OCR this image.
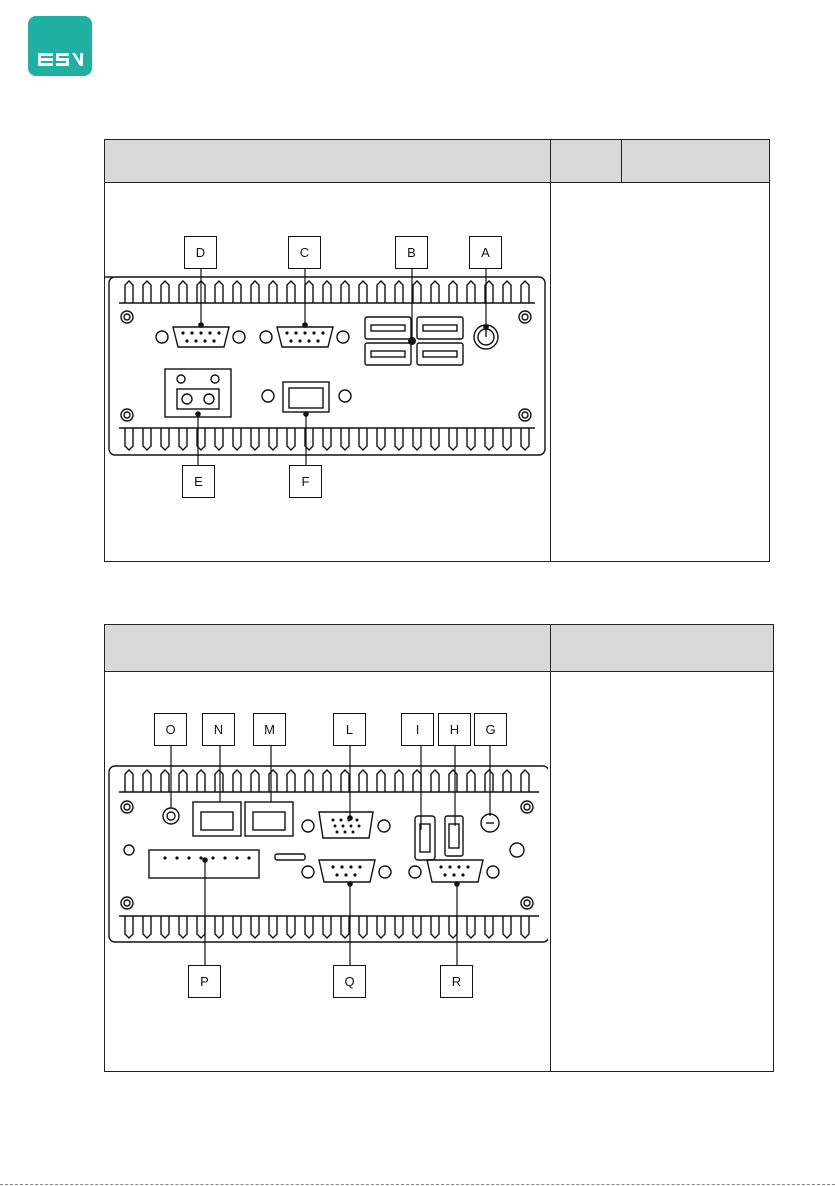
D	C	B	A
E	F
O	N	M	L	I	H	G
P	Q	R
